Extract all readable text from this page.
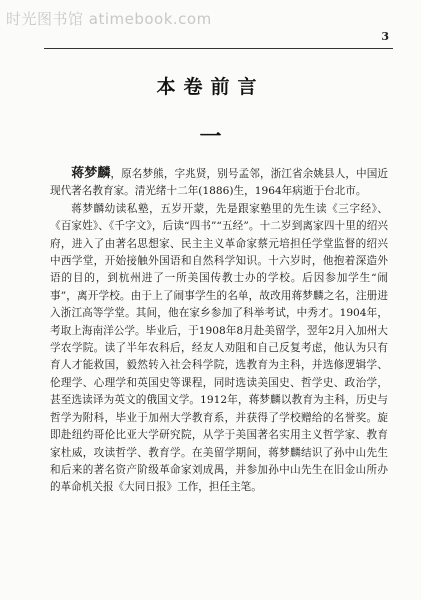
时光图书馆 atimebook.com
3
本卷前言
一

蒋梦麟，原名梦熊，字兆贤，别号孟邻，浙江省余姚县人，中国近现代著名教育家。清光绪十二年(1886)生，1964年病逝于台北市。

蒋梦麟幼读私塾，五岁开蒙，先是跟家塾里的先生读《三字经》、《百家姓》、《千字文》，后读“四书”“五经”。十二岁到离家四十里的绍兴府，进入了由著名思想家、民主主义革命家蔡元培担任学堂监督的绍兴中西学堂，开始接触外国语和自然科学知识。十六岁时，他抱着深造外语的目的，到杭州进了一所美国传教士办的学校。后因参加学生“闹事”，离开学校。由于上了闹事学生的名单，故改用蒋梦麟之名，注册进入浙江高等学堂。其间，他在家乡参加了科举考试，中秀才。1904年，考取上海南洋公学。毕业后，于1908年8月赴美留学，翌年2月入加州大学农学院。读了半年农科后，经友人劝阻和自己反复考虑，他认为只有育人才能救国，毅然转入社会科学院，选教育为主科，并选修逻辑学、伦理学、心理学和英国史等课程，同时选读美国史、哲学史、政治学，甚至选读译为英文的俄国文学。1912年，蒋梦麟以教育为主科，历史与哲学为附科，毕业于加州大学教育系，并获得了学校赠给的名誉奖。旋即赴纽约哥伦比亚大学研究院，从学于美国著名实用主义哲学家、教育家杜威，攻读哲学、教育学。在美留学期间，蒋梦麟结识了孙中山先生和后来的著名资产阶级革命家刘成禺，并参加孙中山先生在旧金山所办的革命机关报《大同日报》工作，担任主笔。
